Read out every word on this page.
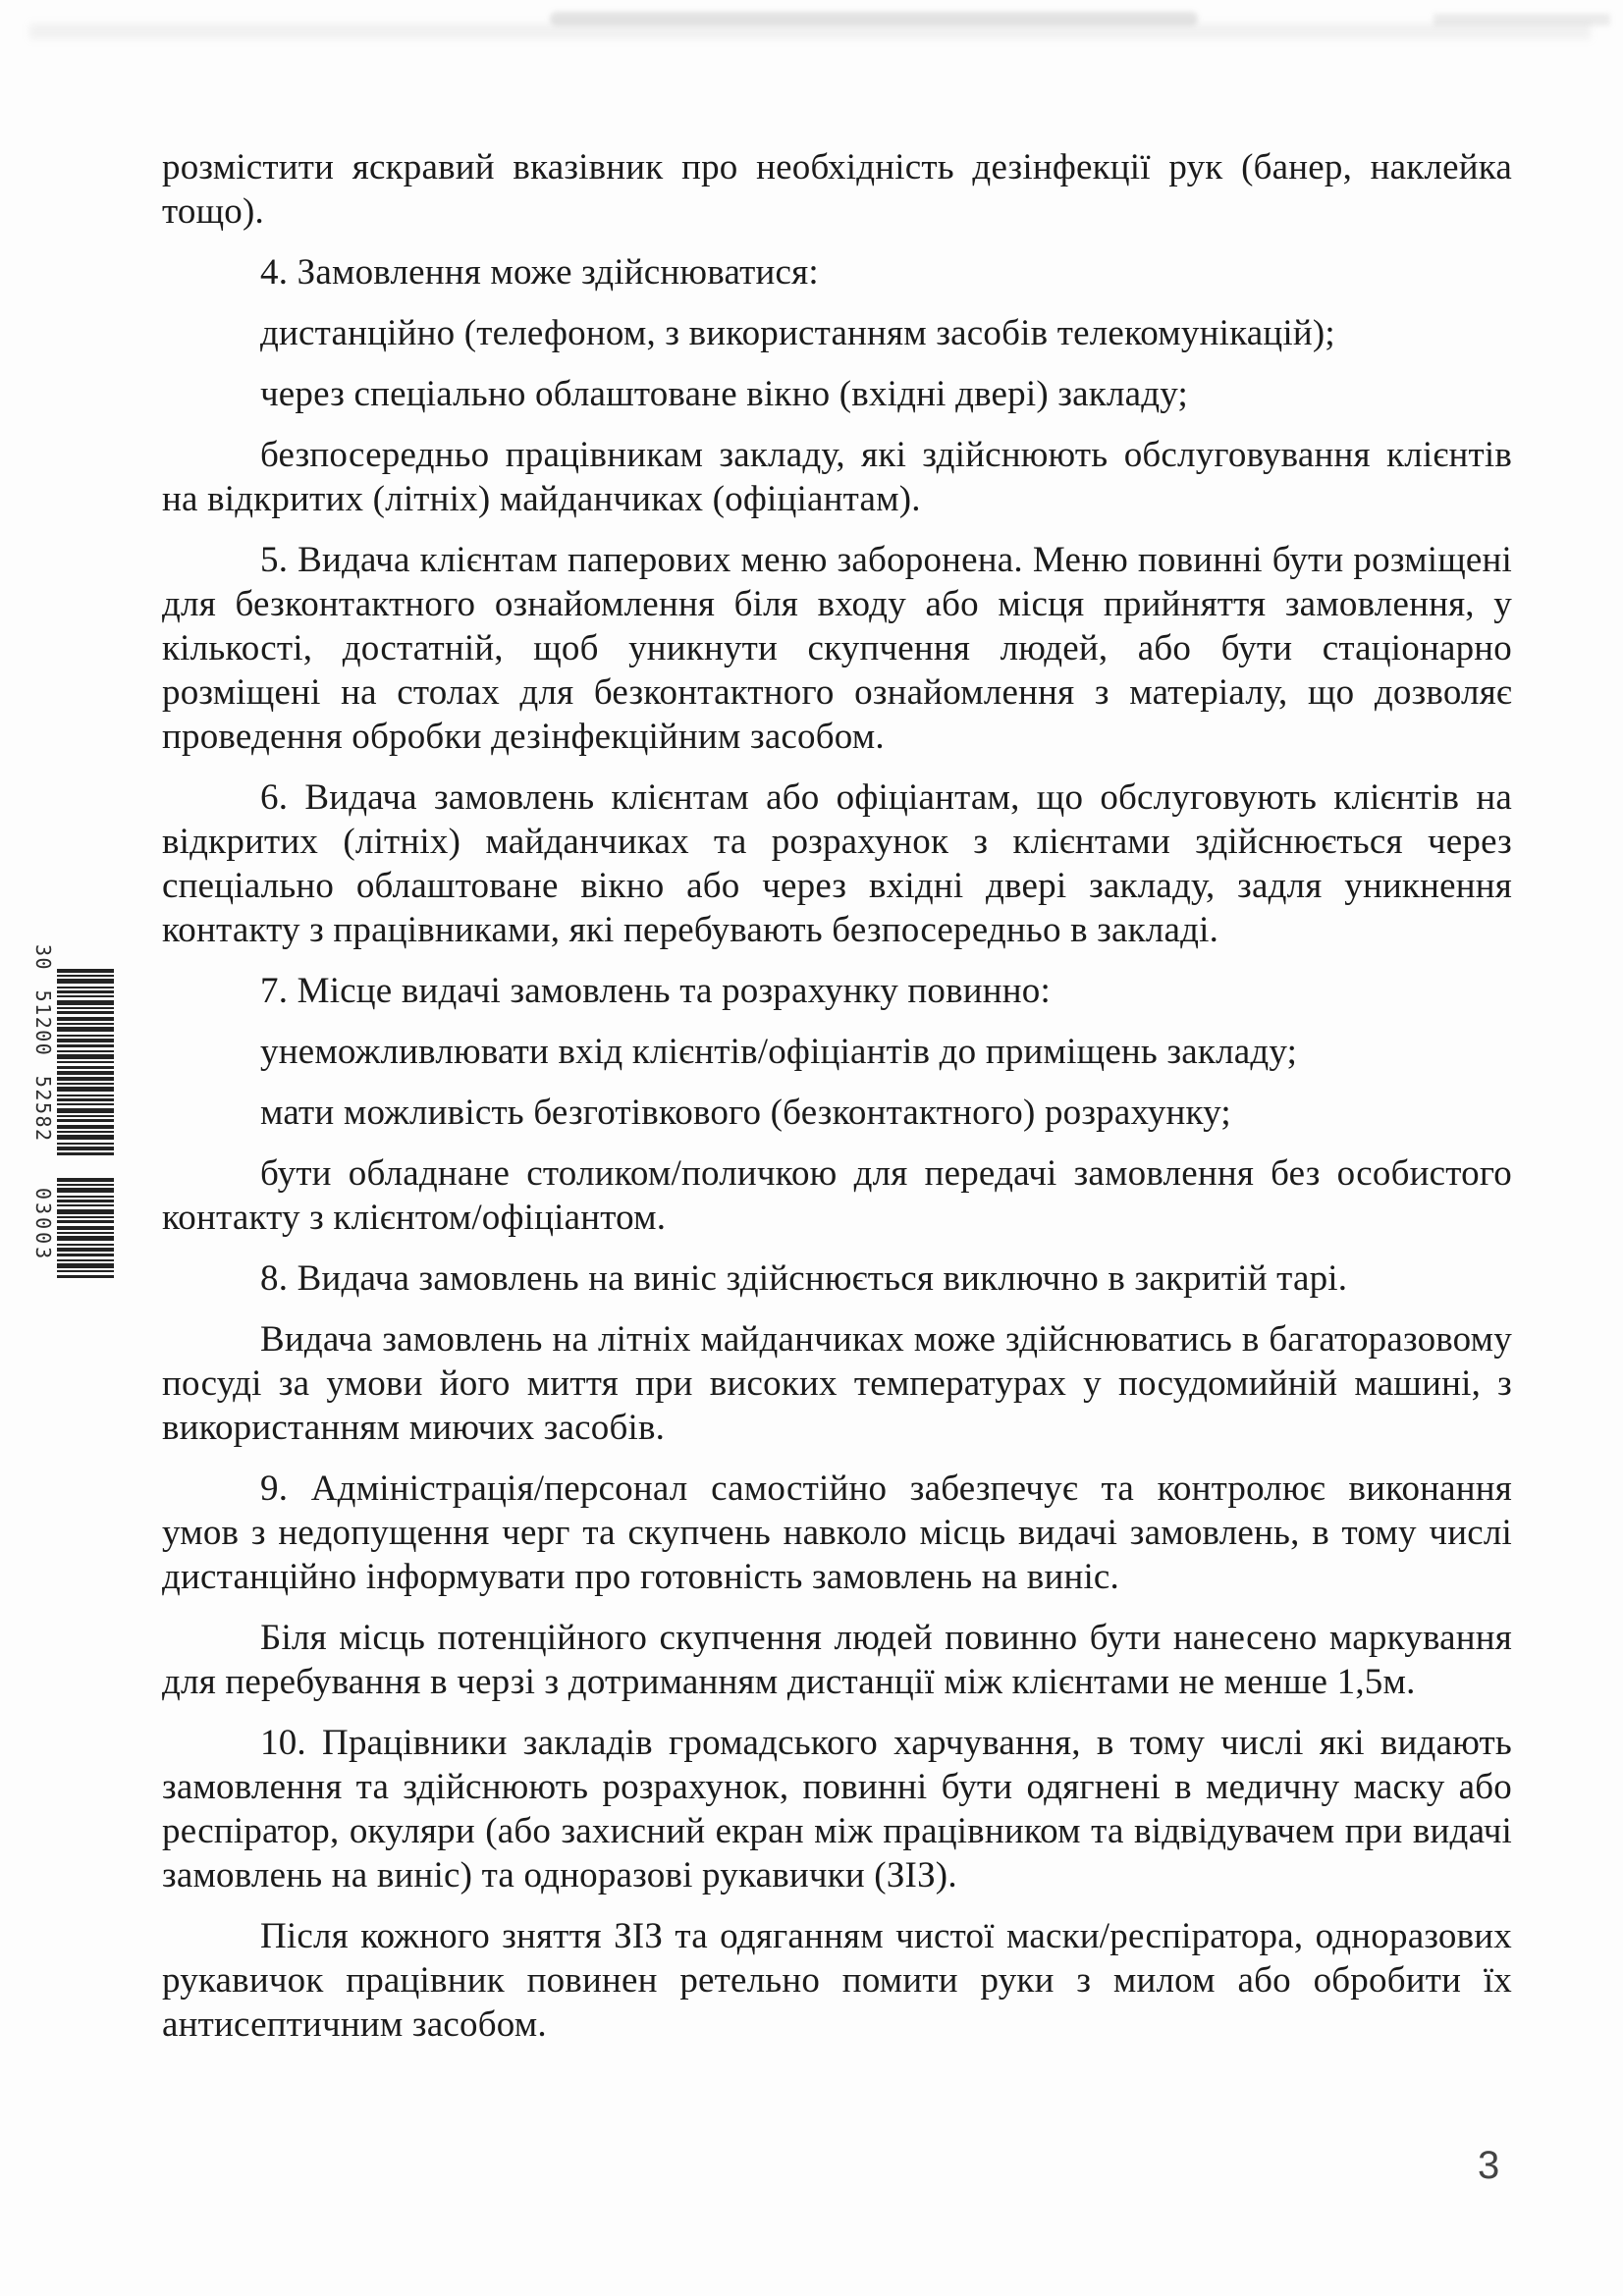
30 51200 52582
03003

розмістити яскравий вказівник про необхідність дезінфекції рук (банер, наклейка тощо).

4. Замовлення може здійснюватися:

дистанційно (телефоном, з використанням засобів телекомунікацій);

через спеціально облаштоване вікно (вхідні двері) закладу;

безпосередньо працівникам закладу, які здійснюють обслуговування клієнтів на відкритих (літніх) майданчиках (офіціантам).

5. Видача клієнтам паперових меню заборонена. Меню повинні бути розміщені для безконтактного ознайомлення біля входу або місця прийняття замовлення, у кількості, достатній, щоб уникнути скупчення людей, або бути стаціонарно розміщені на столах для безконтактного ознайомлення з матеріалу, що дозволяє проведення обробки дезінфекційним засобом.

6. Видача замовлень клієнтам або офіціантам, що обслуговують клієнтів на відкритих (літніх) майданчиках та розрахунок з клієнтами здійснюється через спеціально облаштоване вікно або через вхідні двері закладу, задля уникнення контакту з працівниками, які перебувають безпосередньо в закладі.

7. Місце видачі замовлень та розрахунку повинно:

унеможливлювати вхід клієнтів/офіціантів до приміщень закладу;

мати можливість безготівкового (безконтактного) розрахунку;

бути обладнане столиком/поличкою для передачі замовлення без особистого контакту з клієнтом/офіціантом.

8. Видача замовлень на виніс здійснюється виключно в закритій тарі.

Видача замовлень на літніх майданчиках може здійснюватись в багаторазовому посуді за умови його миття при високих температурах у посудомийній машині, з використанням миючих засобів.

9. Адміністрація/персонал самостійно забезпечує та контролює виконання умов з недопущення черг та скупчень навколо місць видачі замовлень, в тому числі дистанційно інформувати про готовність замовлень на виніс.

Біля місць потенційного скупчення людей повинно бути нанесено маркування для перебування в черзі з дотриманням дистанції між клієнтами не менше 1,5м.

10. Працівники закладів громадського харчування, в тому числі які видають замовлення та здійснюють розрахунок, повинні бути одягнені в медичну маску або респіратор, окуляри (або захисний екран між працівником та відвідувачем при видачі замовлень на виніс) та одноразові рукавички (ЗІЗ).

Після кожного зняття ЗІЗ та одяганням чистої маски/респіратора, одноразових рукавичок працівник повинен ретельно помити руки з милом або обробити їх антисептичним засобом.

3
